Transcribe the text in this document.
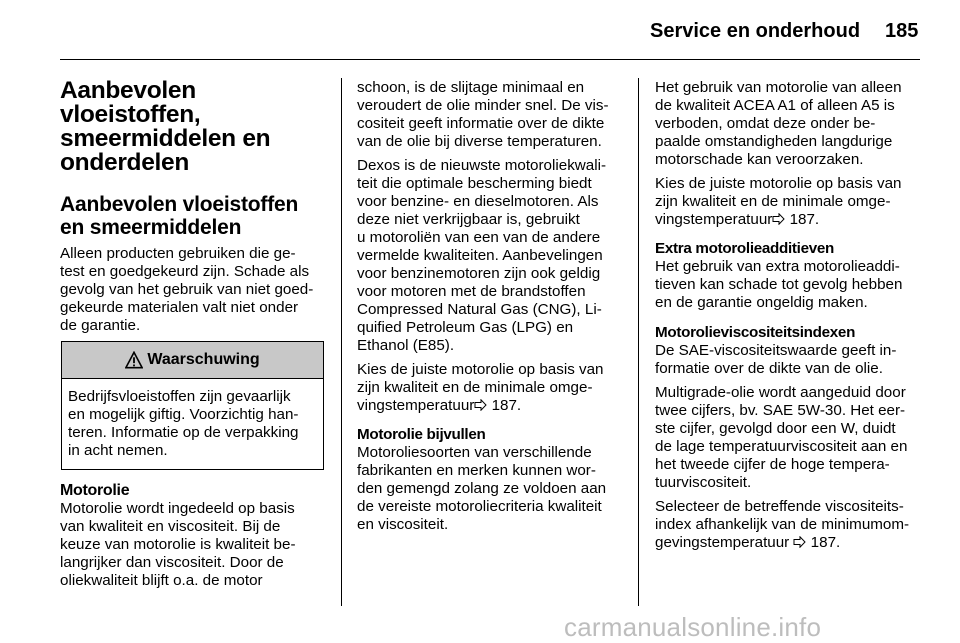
Service en onderhoud 185
Aanbevolen
vloeistoffen,
smeermiddelen en
onderdelen
Aanbevolen vloeistoffen
en smeermiddelen
Alleen producten gebruiken die ge-
test en goedgekeurd zijn. Schade als
gevolg van het gebruik van niet goed-
gekeurde materialen valt niet onder
de garantie.
Waarschuwing
Bedrijfsvloeistoffen zijn gevaarlijk
en mogelijk giftig. Voorzichtig han-
teren. Informatie op de verpakking
in acht nemen.
Motorolie
Motorolie wordt ingedeeld op basis
van kwaliteit en viscositeit. Bij de
keuze van motorolie is kwaliteit be-
langrijker dan viscositeit. Door de
oliekwaliteit blijft o.a. de motor
schoon, is de slijtage minimaal en
veroudert de olie minder snel. De vis-
cositeit geeft informatie over de dikte
van de olie bij diverse temperaturen.
Dexos is de nieuwste motoroliekwali-
teit die optimale bescherming biedt
voor benzine- en dieselmotoren. Als
deze niet verkrijgbaar is, gebruikt
u motoroliën van een van de andere
vermelde kwaliteiten. Aanbevelingen
voor benzinemotoren zijn ook geldig
voor motoren met de brandstoffen
Compressed Natural Gas (CNG), Li-
quified Petroleum Gas (LPG) en
Ethanol (E85).
Kies de juiste motorolie op basis van
zijn kwaliteit en de minimale omge-
vingstemperatuur 187.
Motorolie bijvullen
Motoroliesoorten van verschillende
fabrikanten en merken kunnen wor-
den gemengd zolang ze voldoen aan
de vereiste motoroliecriteria kwaliteit
en viscositeit.
Het gebruik van motorolie van alleen
de kwaliteit ACEA A1 of alleen A5 is
verboden, omdat deze onder be-
paalde omstandigheden langdurige
motorschade kan veroorzaken.
Kies de juiste motorolie op basis van
zijn kwaliteit en de minimale omge-
vingstemperatuur 187.
Extra motorolieadditieven
Het gebruik van extra motorolieaddi-
tieven kan schade tot gevolg hebben
en de garantie ongeldig maken.
Motorolieviscositeitsindexen
De SAE-viscositeitswaarde geeft in-
formatie over de dikte van de olie.
Multigrade-olie wordt aangeduid door
twee cijfers, bv. SAE 5W-30. Het eer-
ste cijfer, gevolgd door een W, duidt
de lage temperatuurviscositeit aan en
het tweede cijfer de hoge tempera-
tuurviscositeit.
Selecteer de betreffende viscositeits-
index afhankelijk van de minimumom-
gevingstemperatuur  187.
carmanualsonline.info
